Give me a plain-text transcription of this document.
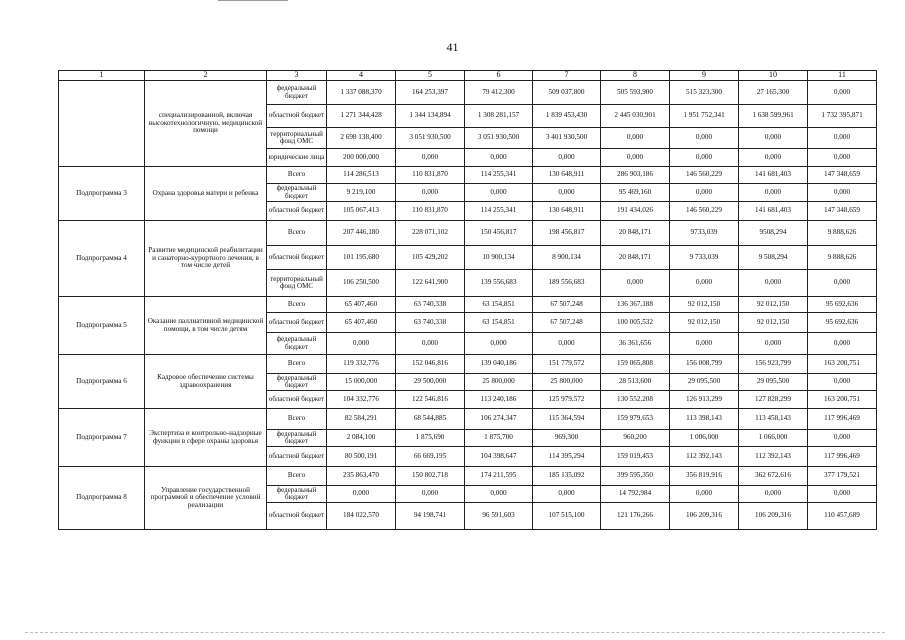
41
1	2	3	4	5	6	7	8	9	10	11
	специализированной, включая высокотехнологичную, медицинской помощи	федеральный бюджет	1 337 088,370	164 253,397	79 412,300	509 037,800	505 593,900	515 323,300	27 165,300	0,000
		областной бюджет	1 271 344,428	1 344 134,894	1 308 281,157	1 839 453,430	2 445 030,901	1 951 752,341	1 638 599,961	1 732 395,871
		территориальный фонд ОМС	2 698 138,400	3 051 930,500	3 051 930,500	3 401 930,500	0,000	0,000	0,000	0,000
		юридические лица	200 000,000	0,000	0,000	0,000	0,000	0,000	0,000	0,000
Подпрограмма 3	Охрана здоровья матери и ребенка	Всего	114 286,513	110 831,870	114 255,341	130 648,911	286 903,186	146 560,229	141 681,403	147 348,659
		федеральный бюджет	9 219,100	0,000	0,000	0,000	95 469,160	0,000	0,000	0,000
		областной бюджет	105 067,413	110 831,870	114 255,341	130 648,911	191 434,026	146 560,229	141 681,403	147 348,659
Подпрограмма 4	Развитие медицинской реабилитации и санаторно-курортного лечения, в том числе детей	Всего	207 446,180	228 071,102	150 456,817	198 456,817	20 848,171	9733,039	9508,294	9 888,626
		областной бюджет	101 195,680	105 429,202	10 900,134	8 900,134	20 848,171	9 733,039	9 508,294	9 888,626
		территориальный фонд ОМС	106 250,500	122 641,900	139 556,683	189 556,683	0,000	0,000	0,000	0,000
Подпрограмма 5	Оказание паллиативной медицинской помощи, в том числе детям	Всего	65 407,460	63 740,338	63 154,851	67 507,248	136 367,188	92 012,150	92 012,150	95 692,636
		областной бюджет	65 407,460	63 740,338	63 154,851	67 507,248	100 005,532	92 012,150	92 012,150	95 692,636
		федеральный бюджет	0,000	0,000	0,000	0,000	36 361,656	0,000	0,000	0,000
Подпрограмма 6	Кадровое обеспечение системы здравоохранения	Всего	119 332,776	152 046,816	139 040,186	151 779,572	159 065,808	156 008,799	156 923,799	163 200,751
		федеральный бюджет	15 000,000	29 500,000	25 800,000	25 800,000	28 513,600	29 095,500	29 095,500	0,000
		областной бюджет	104 332,776	122 546,816	113 240,186	125 979,572	130 552,208	126 913,299	127 828,299	163 200,751
Подпрограмма 7	Экспертиза и контрольно-надзорные функции в сфере охраны здоровья	Всего	82 584,291	68 544,885	106 274,347	115 364,594	159 979,653	113 398,143	113 458,143	117 996,469
		федеральный бюджет	2 084,100	1 875,690	1 875,700	969,300	960,200	1 006,000	1 066,000	0,000
		областной бюджет	80 500,191	66 669,195	104 398,647	114 395,294	159 019,453	112 392,143	112 392,143	117 996,469
Подпрограмма 8	Управление государственной программой и обеспечение условий реализации	Всего	235 863,470	150 802,718	174 211,595	185 135,092	399 595,350	356 819,916	362 672,616	377 179,521
		федеральный бюджет	0,000	0,000	0,000	0,000	14 792,984	0,000	0,000	0,000
		областной бюджет	184 022,570	94 198,741	96 591,603	107 515,100	121 176,266	106 209,316	106 209,316	110 457,689
